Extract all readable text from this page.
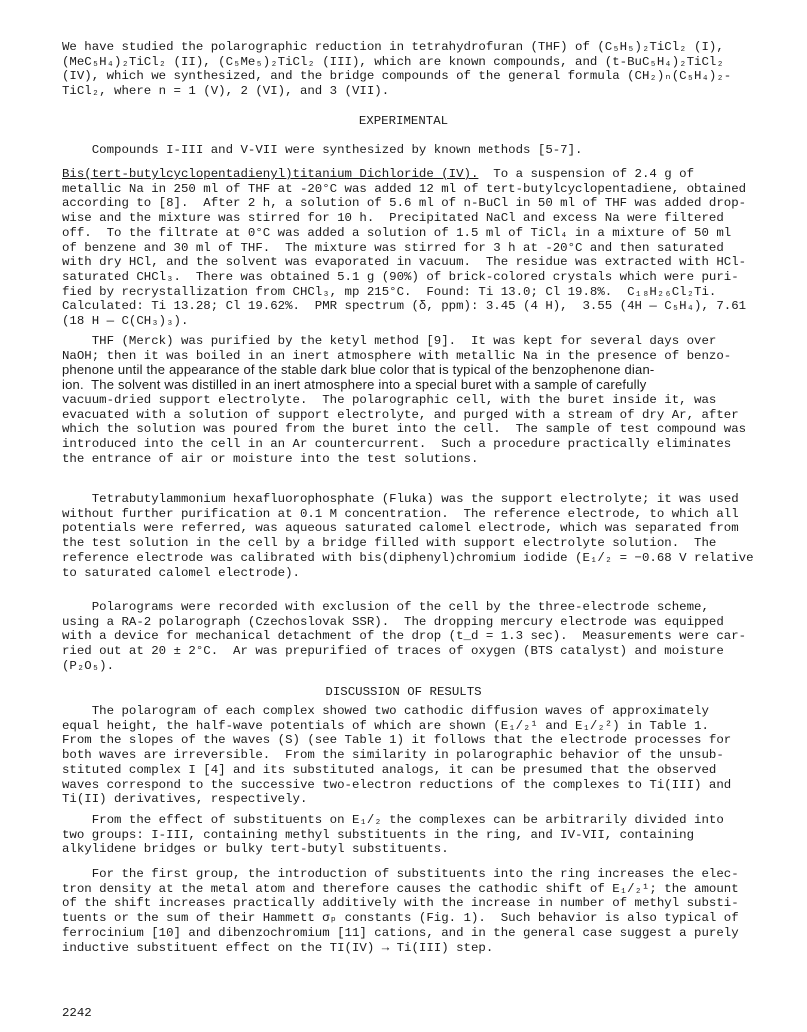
We have studied the polarographic reduction in tetrahydrofuran (THF) of (C₅H₅)₂TiCl₂ (I),
(MeC₅H₄)₂TiCl₂ (II), (C₅Me₅)₂TiCl₂ (III), which are known compounds, and (t-BuC₅H₄)₂TiCl₂
(IV), which we synthesized, and the bridge compounds of the general formula (CH₂)ₙ(C₅H₄)₂-
TiCl₂, where n = 1 (V), 2 (VI), and 3 (VII).

EXPERIMENTAL

Compounds I-III and V-VII were synthesized by known methods [5-7].

Bis(tert-butylcyclopentadienyl)titanium Dichloride (IV).  To a suspension of 2.4 g of

metallic Na in 250 ml of THF at -20°C was added 12 ml of tert-butylcyclopentadiene, obtained
according to [8].  After 2 h, a solution of 5.6 ml of n-BuCl in 50 ml of THF was added drop-
wise and the mixture was stirred for 10 h.  Precipitated NaCl and excess Na were filtered
off.  To the filtrate at 0°C was added a solution of 1.5 ml of TiCl₄ in a mixture of 50 ml
of benzene and 30 ml of THF.  The mixture was stirred for 3 h at -20°C and then saturated
with dry HCl, and the solvent was evaporated in vacuum.  The residue was extracted with HCl-
saturated CHCl₃.  There was obtained 5.1 g (90%) of brick-colored crystals which were puri-
fied by recrystallization from CHCl₃, mp 215°C.  Found: Ti 13.0; Cl 19.8%.  C₁₈H₂₆Cl₂Ti.
Calculated: Ti 13.28; Cl 19.62%.  PMR spectrum (δ, ppm): 3.45 (4 H),  3.55 (4H — C₅H₄), 7.61
(18 H — C(CH₃)₃).

THF (Merck) was purified by the ketyl method [9].  It was kept for several days over
NaOH; then it was boiled in an inert atmosphere with metallic Na in the presence of benzo-

phenone until the appearance of the stable dark blue color that is typical of the benzophenone dian-
ion.  The solvent was distilled in an inert atmosphere into a special buret with a sample of carefully

vacuum-dried support electrolyte.  The polarographic cell, with the buret inside it, was
evacuated with a solution of support electrolyte, and purged with a stream of dry Ar, after
which the solution was poured from the buret into the cell.  The sample of test compound was
introduced into the cell in an Ar countercurrent.  Such a procedure practically eliminates
the entrance of air or moisture into the test solutions.

Tetrabutylammonium hexafluorophosphate (Fluka) was the support electrolyte; it was used
without further purification at 0.1 M concentration.  The reference electrode, to which all
potentials were referred, was aqueous saturated calomel electrode, which was separated from
the test solution in the cell by a bridge filled with support electrolyte solution.  The
reference electrode was calibrated with bis(diphenyl)chromium iodide (E₁/₂ = −0.68 V relative
to saturated calomel electrode).

Polarograms were recorded with exclusion of the cell by the three-electrode scheme,
using a RA-2 polarograph (Czechoslovak SSR).  The dropping mercury electrode was equipped
with a device for mechanical detachment of the drop (t_d = 1.3 sec).  Measurements were car-
ried out at 20 ± 2°C.  Ar was prepurified of traces of oxygen (BTS catalyst) and moisture
(P₂O₅).

DISCUSSION OF RESULTS

The polarogram of each complex showed two cathodic diffusion waves of approximately
equal height, the half-wave potentials of which are shown (E₁/₂¹ and E₁/₂²) in Table 1.
From the slopes of the waves (S) (see Table 1) it follows that the electrode processes for
both waves are irreversible.  From the similarity in polarographic behavior of the unsub-
stituted complex I [4] and its substituted analogs, it can be presumed that the observed
waves correspond to the successive two-electron reductions of the complexes to Ti(III) and
Ti(II) derivatives, respectively.

From the effect of substituents on E₁/₂ the complexes can be arbitrarily divided into
two groups: I-III, containing methyl substituents in the ring, and IV-VII, containing
alkylidene bridges or bulky tert-butyl substituents.

For the first group, the introduction of substituents into the ring increases the elec-
tron density at the metal atom and therefore causes the cathodic shift of E₁/₂¹; the amount
of the shift increases practically additively with the increase in number of methyl substi-
tuents or the sum of their Hammett σₚ constants (Fig. 1).  Such behavior is also typical of
ferrocinium [10] and dibenzochromium [11] cations, and in the general case suggest a purely
inductive substituent effect on the TI(IV) → Ti(III) step.

2242
